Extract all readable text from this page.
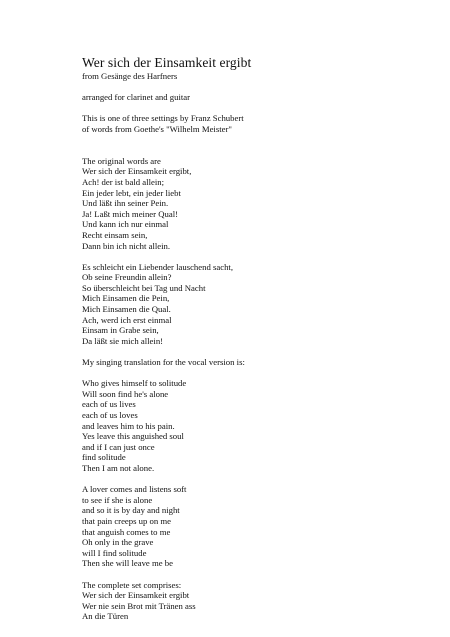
Wer sich der Einsamkeit ergibt

from Gesänge des Harfners

arranged for clarinet and guitar

This is one of three settings by Franz Schubert

of words from Goethe's "Wilhelm Meister"

The original words are

Wer sich der Einsamkeit ergibt,

Ach! der ist bald allein;

Ein jeder lebt, ein jeder liebt

Und läßt ihn seiner Pein.

Ja! Laßt mich meiner Qual!

Und kann ich nur einmal

Recht einsam sein,

Dann bin ich nicht allein.

Es schleicht ein Liebender lauschend sacht,

Ob seine Freundin allein?

So überschleicht bei Tag und Nacht

Mich Einsamen die Pein,

Mich Einsamen die Qual.

Ach, werd ich erst einmal

Einsam in Grabe sein,

Da läßt sie mich allein!

My singing translation for the vocal version is:

Who gives himself to solitude

Will soon find he's alone

each of us lives

each of us loves

and leaves him to his pain.

Yes leave this anguished soul

and if I can just once

find solitude

Then I am not alone.

A lover comes and listens soft

to see if she is alone

and so it is by day and night

that pain creeps up on me

that anguish comes to me

Oh only in the grave

will I find solitude

Then she will leave me be

The complete set comprises:

Wer sich der Einsamkeit ergibt

Wer nie sein Brot mit Tränen ass

An die Türen
